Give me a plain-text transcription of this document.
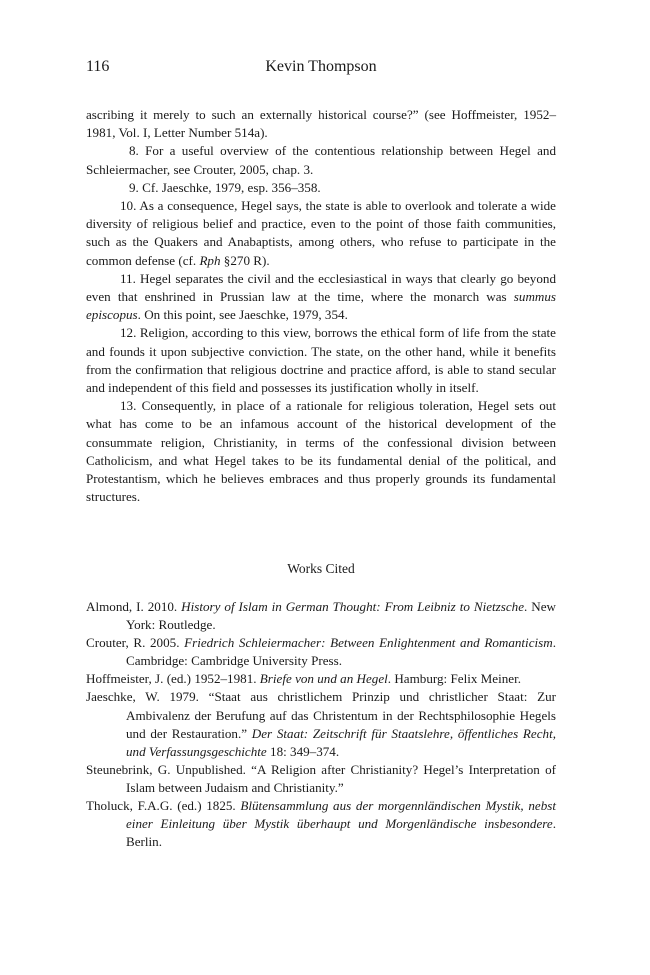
116	Kevin Thompson

ascribing it merely to such an externally historical course?” (see Hoffmeister, 1952–1981, Vol. I, Letter Number 514a).

8. For a useful overview of the contentious relationship between Hegel and Schleiermacher, see Crouter, 2005, chap. 3.

9. Cf. Jaeschke, 1979, esp. 356–358.

10. As a consequence, Hegel says, the state is able to overlook and tolerate a wide diversity of religious belief and practice, even to the point of those faith communities, such as the Quakers and Anabaptists, among others, who refuse to participate in the common defense (cf. Rph §270 R).

11. Hegel separates the civil and the ecclesiastical in ways that clearly go beyond even that enshrined in Prussian law at the time, where the monarch was summus episcopus. On this point, see Jaeschke, 1979, 354.

12. Religion, according to this view, borrows the ethical form of life from the state and founds it upon subjective conviction. The state, on the other hand, while it benefits from the confirmation that religious doctrine and practice afford, is able to stand secular and independent of this field and possesses its justification wholly in itself.

13. Consequently, in place of a rationale for religious toleration, Hegel sets out what has come to be an infamous account of the historical development of the consummate religion, Christianity, in terms of the confessional division between Catholicism, and what Hegel takes to be its fundamental denial of the political, and Protestantism, which he believes embraces and thus properly grounds its fundamental structures.

Works Cited

Almond, I. 2010. History of Islam in German Thought: From Leibniz to Nietzsche. New York: Routledge.

Crouter, R. 2005. Friedrich Schleiermacher: Between Enlightenment and Romanticism. Cambridge: Cambridge University Press.

Hoffmeister, J. (ed.) 1952–1981. Briefe von und an Hegel. Hamburg: Felix Meiner.

Jaeschke, W. 1979. “Staat aus christlichem Prinzip und christlicher Staat: Zur Ambivalenz der Berufung auf das Christentum in der Rechtsphilosophie Hegels und der Restauration.” Der Staat: Zeitschrift für Staatslehre, öffentliches Recht, und Verfassungsgeschichte 18: 349–374.

Steunebrink, G. Unpublished. “A Religion after Christianity? Hegel’s Interpretation of Islam between Judaism and Christianity.”

Tholuck, F.A.G. (ed.) 1825. Blütensammlung aus der morgennländischen Mystik, nebst einer Einleitung über Mystik überhaupt und Morgenländische insbesondere. Berlin.
